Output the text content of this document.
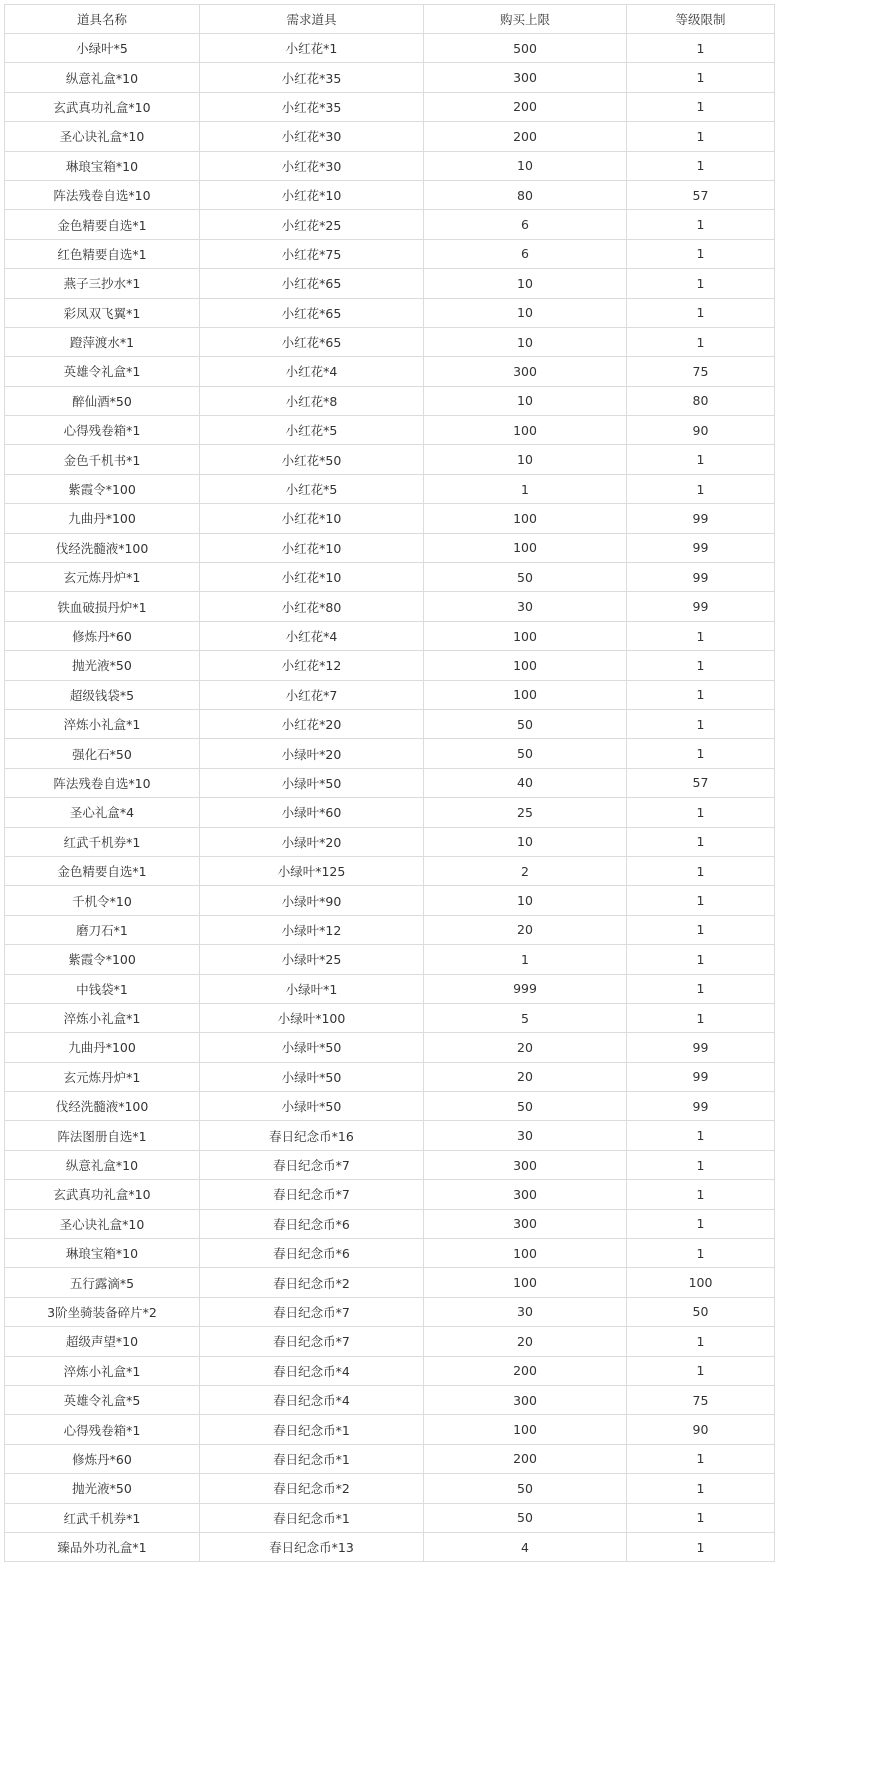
道具名称	需求道具	购买上限	等级限制
小绿叶*5	小红花*1	500	1
纵意礼盒*10	小红花*35	300	1
玄武真功礼盒*10	小红花*35	200	1
圣心诀礼盒*10	小红花*30	200	1
琳琅宝箱*10	小红花*30	10	1
阵法残卷自选*10	小红花*10	80	57
金色精要自选*1	小红花*25	6	1
红色精要自选*1	小红花*75	6	1
燕子三抄水*1	小红花*65	10	1
彩凤双飞翼*1	小红花*65	10	1
蹬萍渡水*1	小红花*65	10	1
英雄令礼盒*1	小红花*4	300	75
醉仙酒*50	小红花*8	10	80
心得残卷箱*1	小红花*5	100	90
金色千机书*1	小红花*50	10	1
紫霞令*100	小红花*5	1	1
九曲丹*100	小红花*10	100	99
伐经洗髓液*100	小红花*10	100	99
玄元炼丹炉*1	小红花*10	50	99
铁血破损丹炉*1	小红花*80	30	99
修炼丹*60	小红花*4	100	1
抛光液*50	小红花*12	100	1
超级钱袋*5	小红花*7	100	1
淬炼小礼盒*1	小红花*20	50	1
强化石*50	小绿叶*20	50	1
阵法残卷自选*10	小绿叶*50	40	57
圣心礼盒*4	小绿叶*60	25	1
红武千机券*1	小绿叶*20	10	1
金色精要自选*1	小绿叶*125	2	1
千机令*10	小绿叶*90	10	1
磨刀石*1	小绿叶*12	20	1
紫霞令*100	小绿叶*25	1	1
中钱袋*1	小绿叶*1	999	1
淬炼小礼盒*1	小绿叶*100	5	1
九曲丹*100	小绿叶*50	20	99
玄元炼丹炉*1	小绿叶*50	20	99
伐经洗髓液*100	小绿叶*50	50	99
阵法图册自选*1	春日纪念币*16	30	1
纵意礼盒*10	春日纪念币*7	300	1
玄武真功礼盒*10	春日纪念币*7	300	1
圣心诀礼盒*10	春日纪念币*6	300	1
琳琅宝箱*10	春日纪念币*6	100	1
五行露滴*5	春日纪念币*2	100	100
3阶坐骑装备碎片*2	春日纪念币*7	30	50
超级声望*10	春日纪念币*7	20	1
淬炼小礼盒*1	春日纪念币*4	200	1
英雄令礼盒*5	春日纪念币*4	300	75
心得残卷箱*1	春日纪念币*1	100	90
修炼丹*60	春日纪念币*1	200	1
抛光液*50	春日纪念币*2	50	1
红武千机券*1	春日纪念币*1	50	1
臻品外功礼盒*1	春日纪念币*13	4	1
